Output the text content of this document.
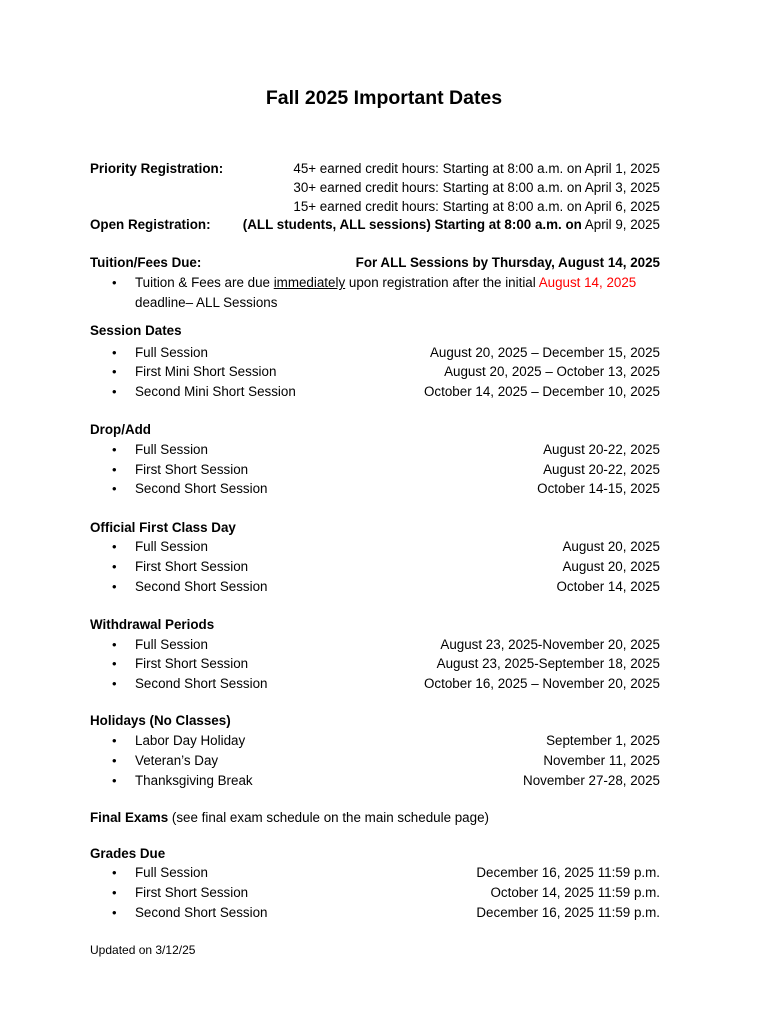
Fall 2025 Important Dates
Priority Registration:	45+ earned credit hours: Starting at 8:00 a.m. on April 1, 2025
30+ earned credit hours: Starting at 8:00 a.m. on April 3, 2025
15+ earned credit hours: Starting at 8:00 a.m. on April 6, 2025
Open Registration: (ALL students, ALL sessions) Starting at 8:00 a.m. on April 9, 2025
Tuition/Fees Due:	For ALL Sessions by Thursday, August 14, 2025
• Tuition & Fees are due immediately upon registration after the initial August 14, 2025
deadline– ALL Sessions
Session Dates
• Full Session	August 20, 2025 – December 15, 2025
• First Mini Short Session	August 20, 2025 – October 13, 2025
• Second Mini Short Session	October 14, 2025 – December 10, 2025
Drop/Add
• Full Session	August 20-22, 2025
• First Short Session	August 20-22, 2025
• Second Short Session	October 14-15, 2025
Official First Class Day
• Full Session	August 20, 2025
• First Short Session	August 20, 2025
• Second Short Session	October 14, 2025
Withdrawal Periods
• Full Session	August 23, 2025-November 20, 2025
• First Short Session	August 23, 2025-September 18, 2025
• Second Short Session	October 16, 2025 – November 20, 2025
Holidays (No Classes)
• Labor Day Holiday	September 1, 2025
• Veteran’s Day	November 11, 2025
• Thanksgiving Break	November 27-28, 2025
Final Exams (see final exam schedule on the main schedule page)
Grades Due
• Full Session	December 16, 2025 11:59 p.m.
• First Short Session	October 14, 2025 11:59 p.m.
• Second Short Session	December 16, 2025 11:59 p.m.
Updated on 3/12/25
